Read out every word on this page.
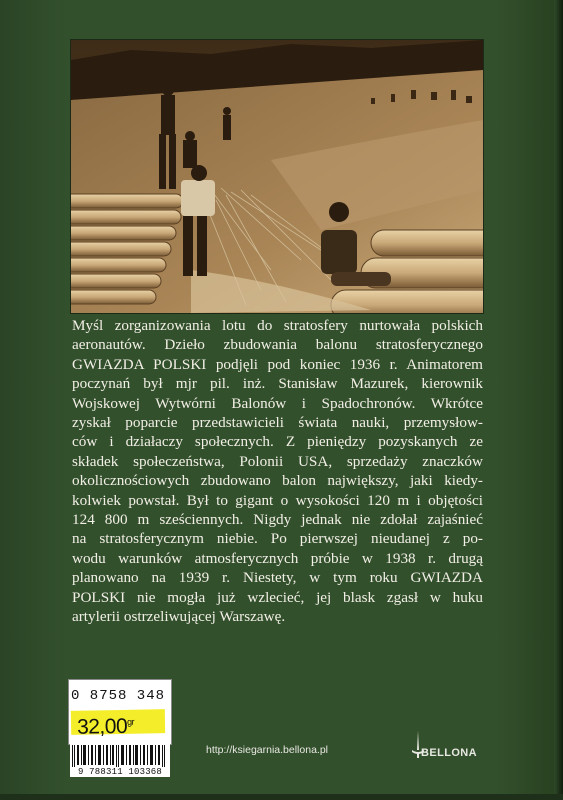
Myśl zorganizowania lotu do stratosfery nurtowała polskich

aeronautów. Dzieło zbudowania balonu stratosferycznego

GWIAZDA POLSKI podjęli pod koniec 1936 r. Animatorem

poczynań był mjr pil. inż. Stanisław Mazurek, kierownik

Wojskowej Wytwórni Balonów i Spadochronów. Wkrótce

zyskał poparcie przedstawicieli świata nauki, przemysłow-

ców i działaczy społecznych. Z pieniędzy pozyskanych ze

składek społeczeństwa, Polonii USA, sprzedaży znaczków

okolicznościowych zbudowano balon największy, jaki kiedy-

kolwiek powstał. Był to gigant o wysokości 120 m i objętości

124 800 m sześciennych. Nigdy jednak nie zdołał zajaśnieć

na stratosferycznym niebie. Po pierwszej nieudanej z po-

wodu warunków atmosferycznych próbie w 1938 r. drugą

planowano na 1939 r. Niestety, w tym roku GWIAZDA

POLSKI nie mogła już wzlecieć, jej blask zgasł w huku

artylerii ostrzeliwującej Warszawę.

0 8758 348
$32,00^{gr}$
9 788311 103368
http://ksiegarnia.bellona.pl	BELLONA
